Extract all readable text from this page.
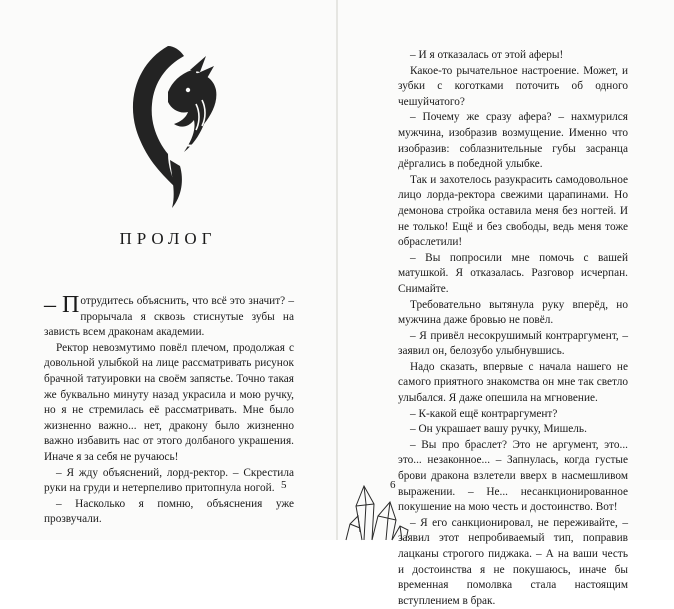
ПРОЛОГ

– П отрудитесь объяснить, что всё это значит? – прорычала я сквозь стиснутые зубы на зависть всем драконам академии.

Ректор невозмутимо повёл плечом, продолжая с довольной улыбкой на лице рассматривать рисунок брачной татуировки на своём запястье. Точно такая же буквально минуту назад украсила и мою ручку, но я не стремилась её рассматривать. Мне было жизненно важно... нет, дракону было жизненно важно избавить нас от этого долбаного украшения. Иначе я за себя не ручаюсь!

– Я жду объяснений, лорд-ректор. – Скрестила руки на груди и нетерпеливо притопнула ногой.

– Насколько я помню, объяснения уже прозвучали.

5

– И я отказалась от этой аферы!

Какое-то рычательное настроение. Может, и зубки с коготками поточить об одного чешуйчатого?

– Почему же сразу афера? – нахмурился мужчина, изобразив возмущение. Именно что изобразив: соблазнительные губы засранца дёргались в победной улыбке.

Так и захотелось разукрасить самодовольное лицо лорда-ректора свежими царапинами. Но демонова стройка оставила меня без ногтей. И не только! Ещё и без свободы, ведь меня тоже обраслетили!

– Вы попросили мне помочь с вашей матушкой. Я отказалась. Разговор исчерпан. Снимайте.

Требовательно вытянула руку вперёд, но мужчина даже бровью не повёл.

– Я привёл несокрушимый контраргумент, – заявил он, белозубо улыбнувшись.

Надо сказать, впервые с начала нашего не самого приятного знакомства он мне так светло улыбался. Я даже опешила на мгновение.

– К-какой ещё контраргумент?

– Он украшает вашу ручку, Мишель.

– Вы про браслет? Это не аргумент, это... это... незаконное... – Запнулась, когда густые брови дракона взлетели вверх в насмешливом выражении. – Не... несанкционированное покушение на мою честь и достоинство. Вот!

– Я его санкционировал, не переживайте, – заявил этот непробиваемый тип, поправив лацканы строгого пиджака. – А на ваши честь и достоинства я не покушаюсь, иначе бы временная помолвка стала настоящим вступлением в брак.

6
